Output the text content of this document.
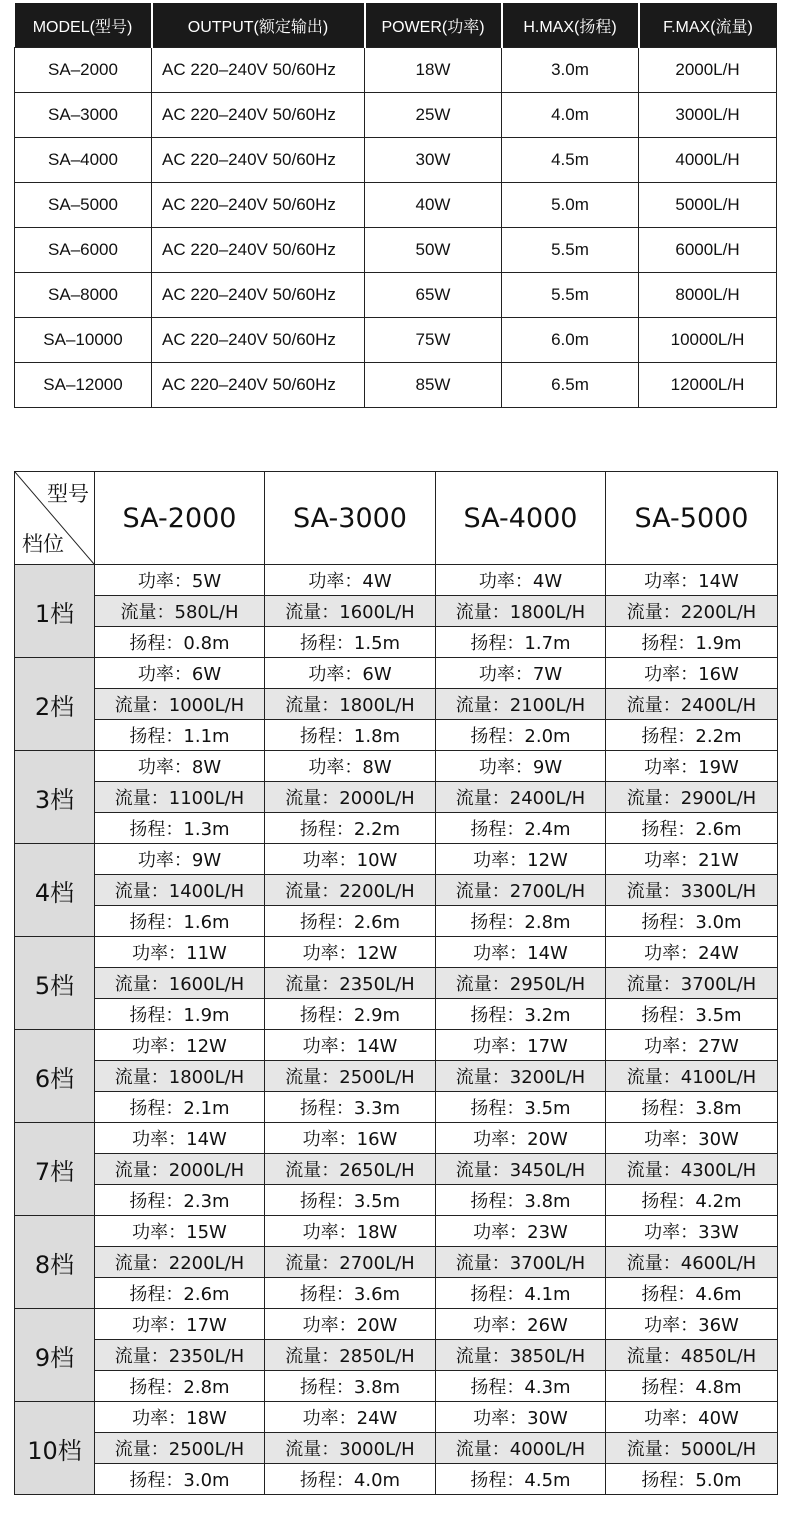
MODEL(型号)	OUTPUT(额定输出)	POWER(功率)	H.MAX(扬程)	F.MAX(流量)
SA–2000	AC 220–240V 50/60Hz	18W	3.0m	2000L/H
SA–3000	AC 220–240V 50/60Hz	25W	4.0m	3000L/H
SA–4000	AC 220–240V 50/60Hz	30W	4.5m	4000L/H
SA–5000	AC 220–240V 50/60Hz	40W	5.0m	5000L/H
SA–6000	AC 220–240V 50/60Hz	50W	5.5m	6000L/H
SA–8000	AC 220–240V 50/60Hz	65W	5.5m	8000L/H
SA–10000	AC 220–240V 50/60Hz	75W	6.0m	10000L/H
SA–12000	AC 220–240V 50/60Hz	85W	6.5m	12000L/H
型号
档位	SA-2000	SA-3000	SA-4000	SA-5000
1档	功率：5W	功率：4W	功率：4W	功率：14W
	流量：580L/H	流量：1600L/H	流量：1800L/H	流量：2200L/H
	扬程：0.8m	扬程：1.5m	扬程：1.7m	扬程：1.9m
2档	功率：6W	功率：6W	功率：7W	功率：16W
	流量：1000L/H	流量：1800L/H	流量：2100L/H	流量：2400L/H
	扬程：1.1m	扬程：1.8m	扬程：2.0m	扬程：2.2m
3档	功率：8W	功率：8W	功率：9W	功率：19W
	流量：1100L/H	流量：2000L/H	流量：2400L/H	流量：2900L/H
	扬程：1.3m	扬程：2.2m	扬程：2.4m	扬程：2.6m
4档	功率：9W	功率：10W	功率：12W	功率：21W
	流量：1400L/H	流量：2200L/H	流量：2700L/H	流量：3300L/H
	扬程：1.6m	扬程：2.6m	扬程：2.8m	扬程：3.0m
5档	功率：11W	功率：12W	功率：14W	功率：24W
	流量：1600L/H	流量：2350L/H	流量：2950L/H	流量：3700L/H
	扬程：1.9m	扬程：2.9m	扬程：3.2m	扬程：3.5m
6档	功率：12W	功率：14W	功率：17W	功率：27W
	流量：1800L/H	流量：2500L/H	流量：3200L/H	流量：4100L/H
	扬程：2.1m	扬程：3.3m	扬程：3.5m	扬程：3.8m
7档	功率：14W	功率：16W	功率：20W	功率：30W
	流量：2000L/H	流量：2650L/H	流量：3450L/H	流量：4300L/H
	扬程：2.3m	扬程：3.5m	扬程：3.8m	扬程：4.2m
8档	功率：15W	功率：18W	功率：23W	功率：33W
	流量：2200L/H	流量：2700L/H	流量：3700L/H	流量：4600L/H
	扬程：2.6m	扬程：3.6m	扬程：4.1m	扬程：4.6m
9档	功率：17W	功率：20W	功率：26W	功率：36W
	流量：2350L/H	流量：2850L/H	流量：3850L/H	流量：4850L/H
	扬程：2.8m	扬程：3.8m	扬程：4.3m	扬程：4.8m
10档	功率：18W	功率：24W	功率：30W	功率：40W
	流量：2500L/H	流量：3000L/H	流量：4000L/H	流量：5000L/H
	扬程：3.0m	扬程：4.0m	扬程：4.5m	扬程：5.0m
